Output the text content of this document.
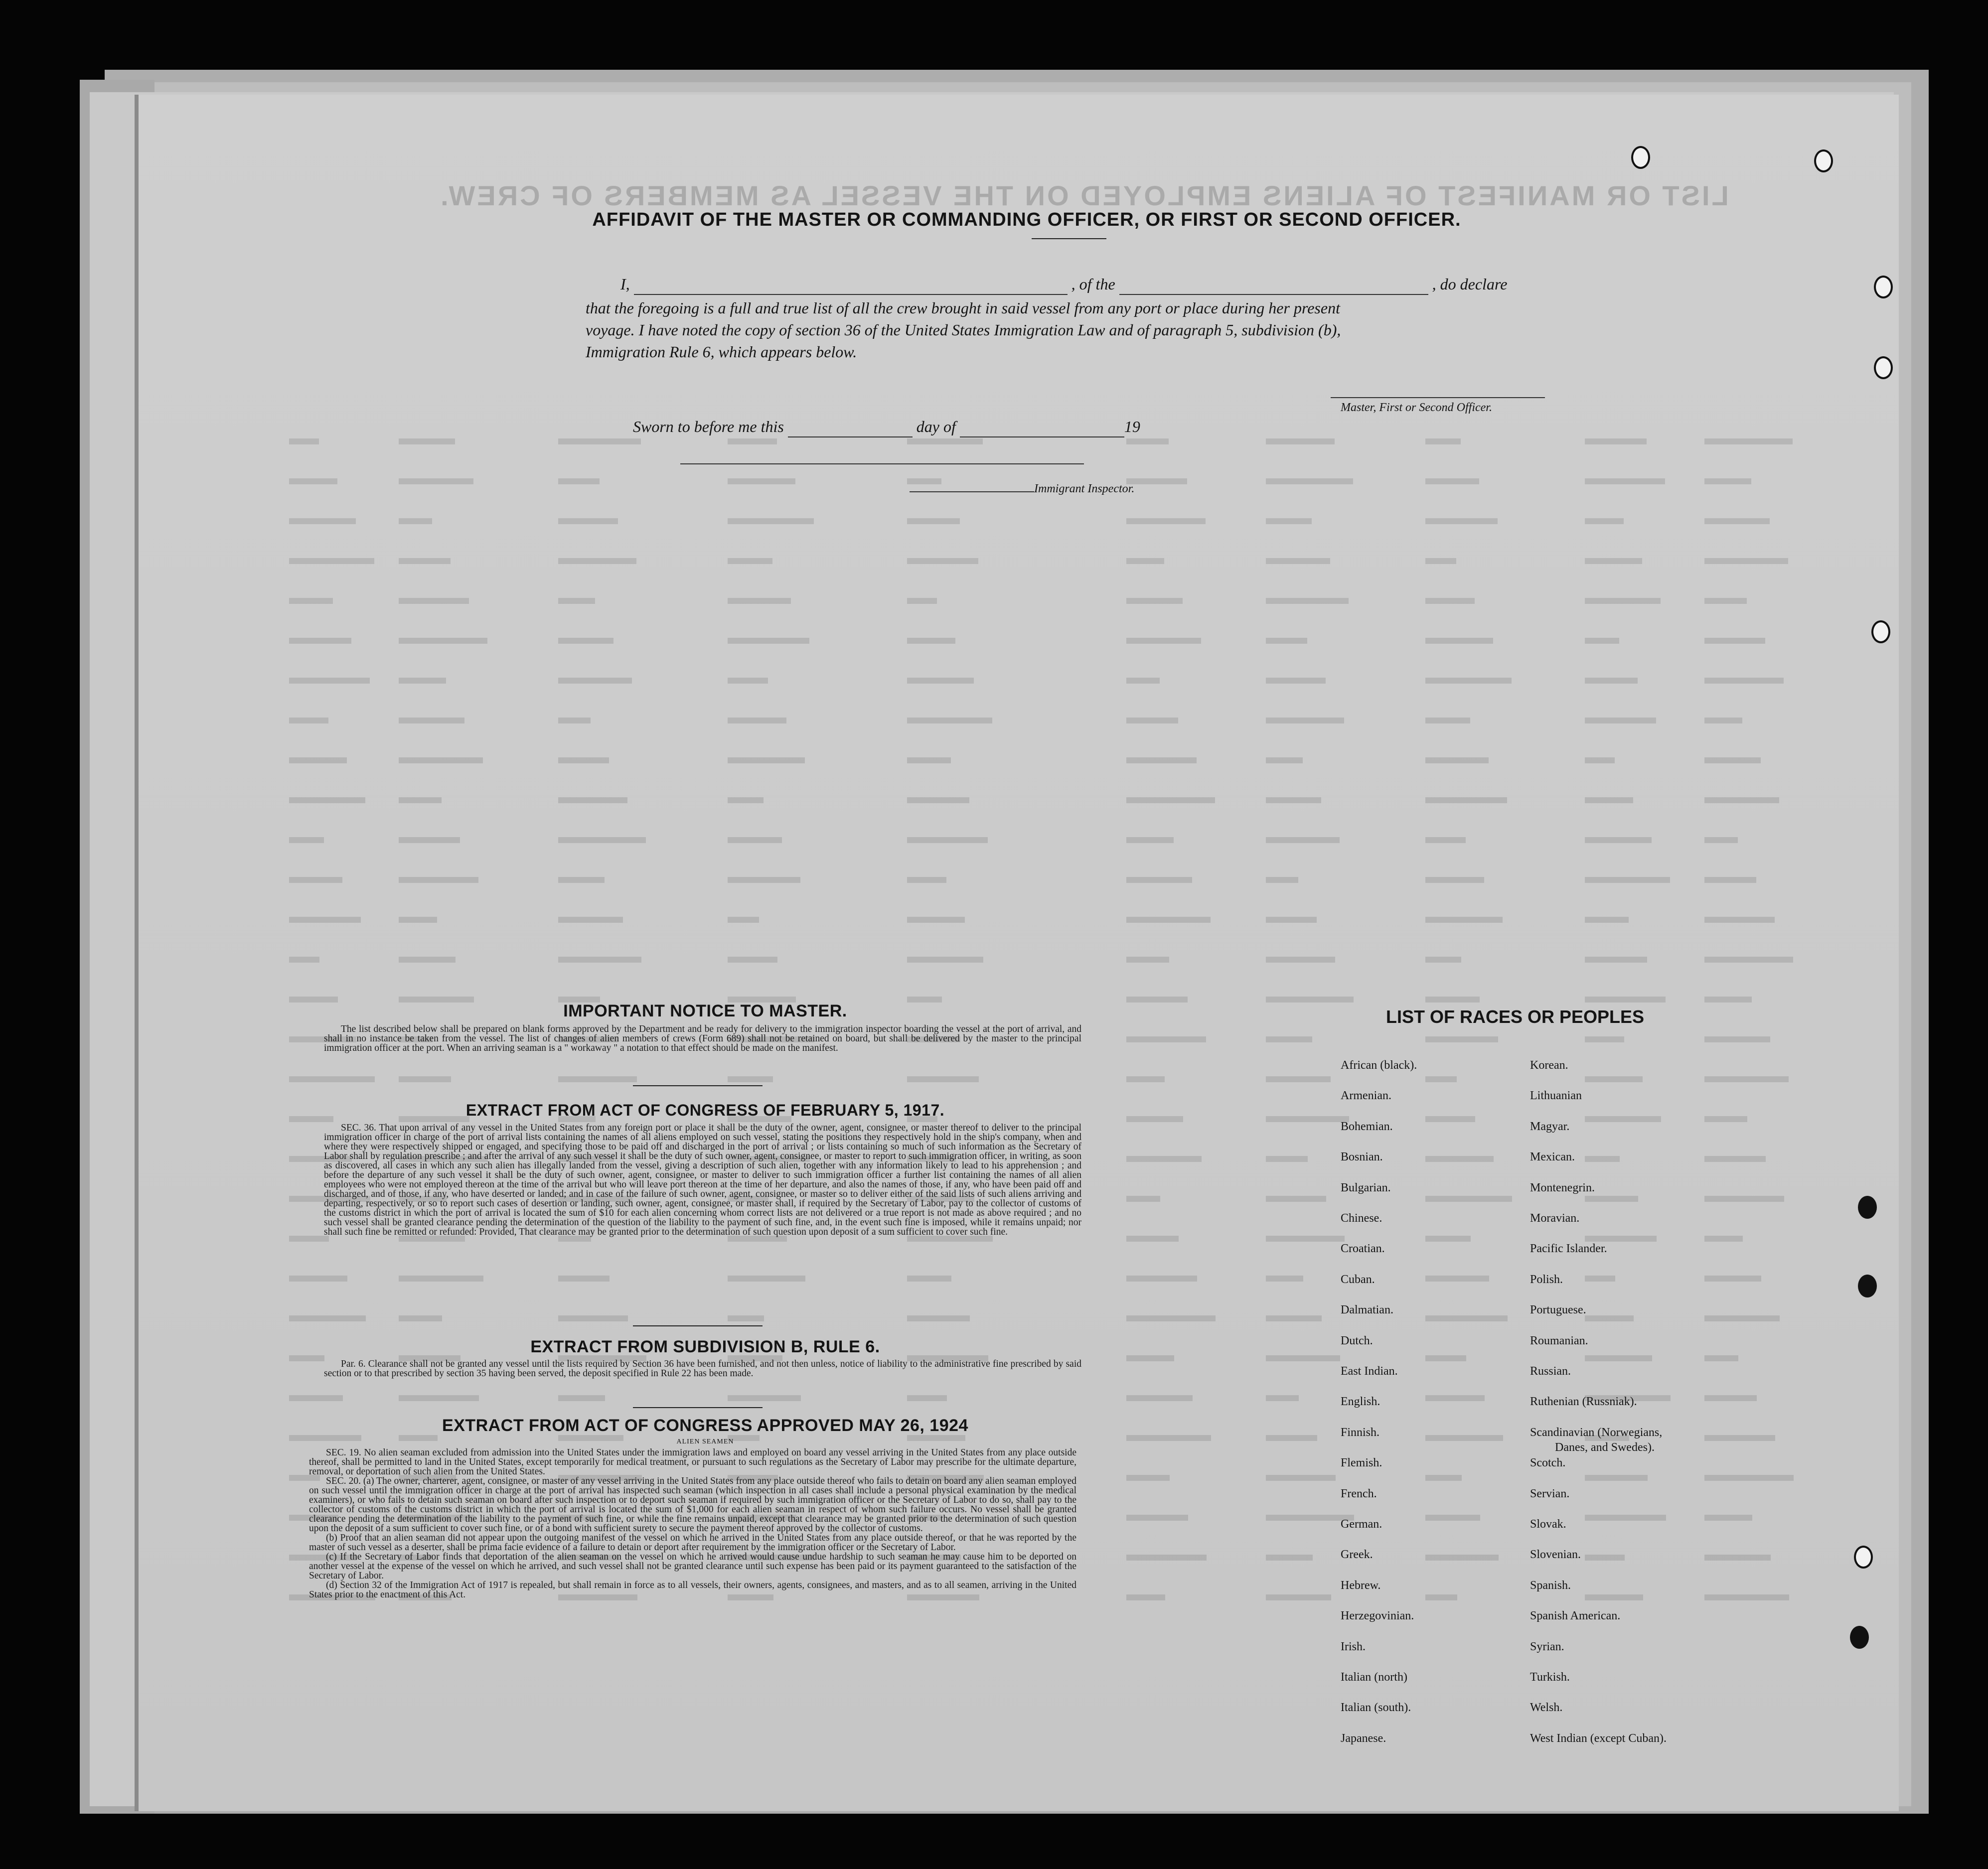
LIST OR MANIFEST OF ALIENS EMPLOYED ON THE VESSEL AS MEMBERS OF CREW.
AFFIDAVIT OF THE MASTER OR COMMANDING OFFICER, OR FIRST OR SECOND OFFICER.
I,	, of the	, do declare
that the foregoing is a full and true list of all the crew brought in said vessel from any port or place during her present
voyage. I have noted the copy of section 36 of the United States Immigration Law and of paragraph 5, subdivision (b),
Immigration Rule 6, which appears below.
Master, First or Second Officer.
Sworn to before me this	day of	19
Immigrant Inspector.
IMPORTANT NOTICE TO MASTER.
The list described below shall be prepared on blank forms approved by the Department and be ready for delivery to the immigration inspector boarding the vessel at the port of arrival, and shall in no instance be taken from the vessel. The list of changes of alien members of crews (Form 689) shall not be retained on board, but shall be delivered by the master to the principal immigration officer at the port. When an arriving seaman is a " workaway " a notation to that effect should be made on the manifest.
EXTRACT FROM ACT OF CONGRESS OF FEBRUARY 5, 1917.
SEC. 36. That upon arrival of any vessel in the United States from any foreign port or place it shall be the duty of the owner, agent, consignee, or master thereof to deliver to the principal immigration officer in charge of the port of arrival lists containing the names of all aliens employed on such vessel, stating the positions they respectively hold in the ship's company, when and where they were respectively shipped or engaged, and specifying those to be paid off and discharged in the port of arrival ; or lists containing so much of such information as the Secretary of Labor shall by regulation prescribe ; and after the arrival of any such vessel it shall be the duty of such owner, agent, consignee, or master to report to such immigration officer, in writing, as soon as discovered, all cases in which any such alien has illegally landed from the vessel, giving a description of such alien, together with any information likely to lead to his apprehension ; and before the departure of any such vessel it shall be the duty of such owner, agent, consignee, or master to deliver to such immigration officer a further list containing the names of all alien employees who were not employed thereon at the time of the arrival but who will leave port thereon at the time of her departure, and also the names of those, if any, who have been paid off and discharged, and of those, if any, who have deserted or landed; and in case of the failure of such owner, agent, consignee, or master so to deliver either of the said lists of such aliens arriving and departing, respectively, or so to report such cases of desertion or landing, such owner, agent, consignee, or master shall, if required by the Secretary of Labor, pay to the collector of customs of the customs district in which the port of arrival is located the sum of $10 for each alien concerning whom correct lists are not delivered or a true report is not made as above required ; and no such vessel shall be granted clearance pending the determination of the question of the liability to the payment of such fine, and, in the event such fine is imposed, while it remains unpaid; nor shall such fine be remitted or refunded: Provided, That clearance may be granted prior to the determination of such question upon deposit of a sum sufficient to cover such fine.
EXTRACT FROM SUBDIVISION B, RULE 6.
Par. 6. Clearance shall not be granted any vessel until the lists required by Section 36 have been furnished, and not then unless, notice of liability to the administrative fine prescribed by said section or to that prescribed by section 35 having been served, the deposit specified in Rule 22 has been made.
EXTRACT FROM ACT OF CONGRESS APPROVED MAY 26, 1924
ALIEN SEAMEN

SEC. 19. No alien seaman excluded from admission into the United States under the immigration laws and employed on board any vessel arriving in the United States from any place outside thereof, shall be permitted to land in the United States, except temporarily for medical treatment, or pursuant to such regulations as the Secretary of Labor may prescribe for the ultimate departure, removal, or deportation of such alien from the United States.

SEC. 20. (a) The owner, charterer, agent, consignee, or master of any vessel arriving in the United States from any place outside thereof who fails to detain on board any alien seaman employed on such vessel until the immigration officer in charge at the port of arrival has inspected such seaman (which inspection in all cases shall include a personal physical examination by the medical examiners), or who fails to detain such seaman on board after such inspection or to deport such seaman if required by such immigration officer or the Secretary of Labor to do so, shall pay to the collector of customs of the customs district in which the port of arrival is located the sum of $1,000 for each alien seaman in respect of whom such failure occurs. No vessel shall be granted clearance pending the determination of the liability to the payment of such fine, or while the fine remains unpaid, except that clearance may be granted prior to the determination of such question upon the deposit of a sum sufficient to cover such fine, or of a bond with sufficient surety to secure the payment thereof approved by the collector of customs.

(b) Proof that an alien seaman did not appear upon the outgoing manifest of the vessel on which he arrived in the United States from any place outside thereof, or that he was reported by the master of such vessel as a deserter, shall be prima facie evidence of a failure to detain or deport after requirement by the immigration officer or the Secretary of Labor.

(c) If the Secretary of Labor finds that deportation of the alien seaman on the vessel on which he arrived would cause undue hardship to such seaman he may cause him to be deported on another vessel at the expense of the vessel on which he arrived, and such vessel shall not be granted clearance until such expense has been paid or its payment guaranteed to the satisfaction of the Secretary of Labor.

(d) Section 32 of the Immigration Act of 1917 is repealed, but shall remain in force as to all vessels, their owners, agents, consignees, and masters, and as to all seamen, arriving in the United States prior to the enactment of this Act.

LIST OF RACES OR PEOPLES
African (black).
Armenian.
Bohemian.
Bosnian.
Bulgarian.
Chinese.
Croatian.
Cuban.
Dalmatian.
Dutch.
East Indian.
English.
Finnish.
Flemish.
French.
German.
Greek.
Hebrew.
Herzegovinian.
Irish.
Italian (north)
Italian (south).
Japanese.
Korean.
Lithuanian
Magyar.
Mexican.
Montenegrin.
Moravian.
Pacific Islander.
Polish.
Portuguese.
Roumanian.
Russian.
Ruthenian (Russniak).
Scandinavian (Norwegians,
Danes, and Swedes).
Scotch.
Servian.
Slovak.
Slovenian.
Spanish.
Spanish American.
Syrian.
Turkish.
Welsh.
West Indian (except Cuban).
